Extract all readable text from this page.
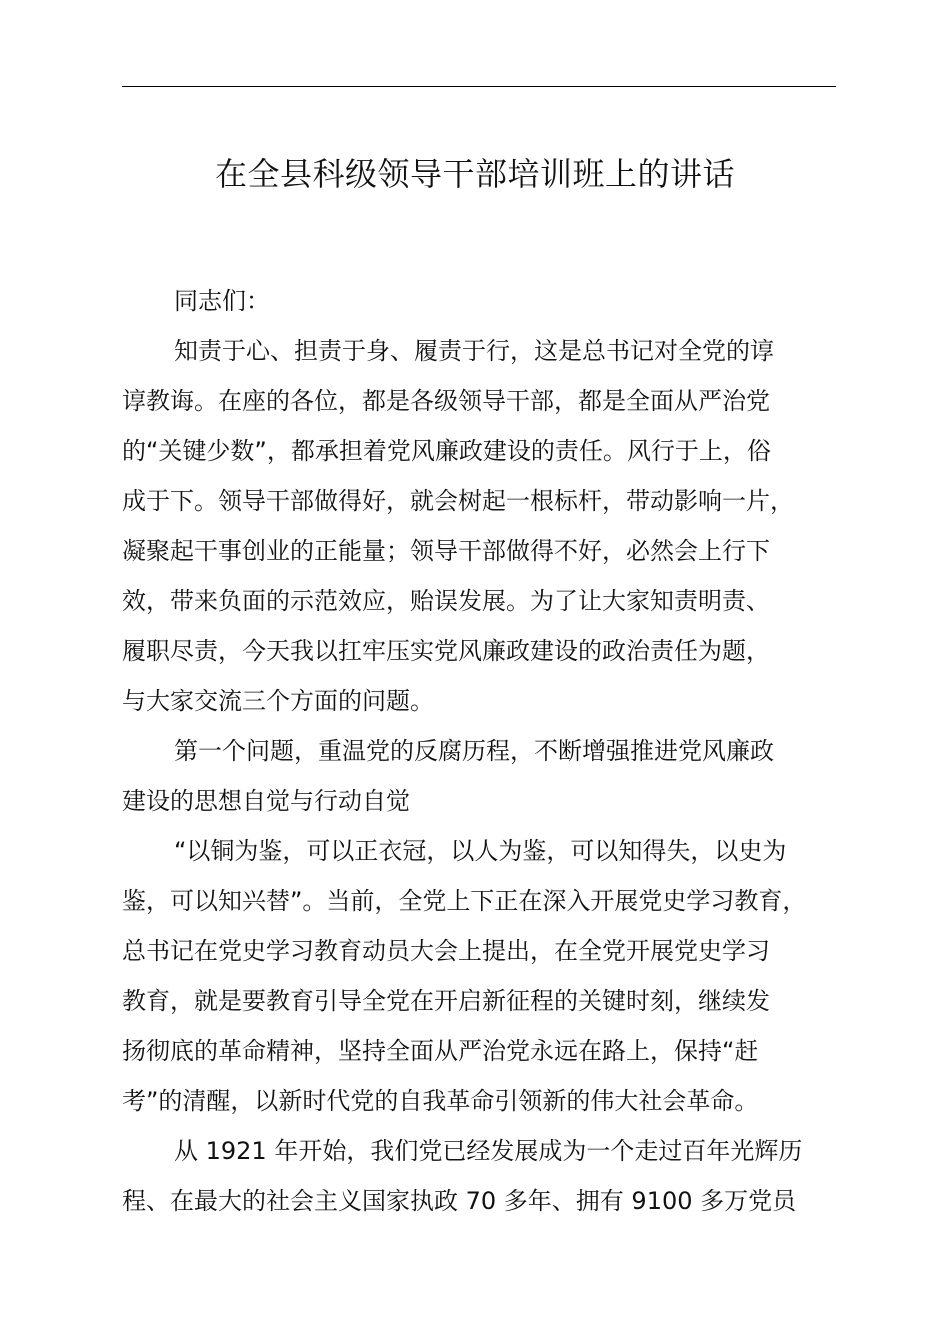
在全县科级领导干部培训班上的讲话
同志们：
知责于心、担责于身、履责于行，这是总书记对全党的谆
谆教诲。在座的各位，都是各级领导干部，都是全面从严治党
的“关键少数”，都承担着党风廉政建设的责任。风行于上，俗
成于下。领导干部做得好，就会树起一根标杆，带动影响一片，
凝聚起干事创业的正能量；领导干部做得不好，必然会上行下
效，带来负面的示范效应，贻误发展。为了让大家知责明责、
履职尽责，今天我以扛牢压实党风廉政建设的政治责任为题，
与大家交流三个方面的问题。
第一个问题，重温党的反腐历程，不断增强推进党风廉政
建设的思想自觉与行动自觉
“以铜为鉴，可以正衣冠，以人为鉴，可以知得失，以史为
鉴，可以知兴替”。当前，全党上下正在深入开展党史学习教育，
总书记在党史学习教育动员大会上提出，在全党开展党史学习
教育，就是要教育引导全党在开启新征程的关键时刻，继续发
扬彻底的革命精神，坚持全面从严治党永远在路上，保持“赶
考”的清醒，以新时代党的自我革命引领新的伟大社会革命。
从 1921 年开始，我们党已经发展成为一个走过百年光辉历
程、在最大的社会主义国家执政 70 多年、拥有 9100 多万党员
